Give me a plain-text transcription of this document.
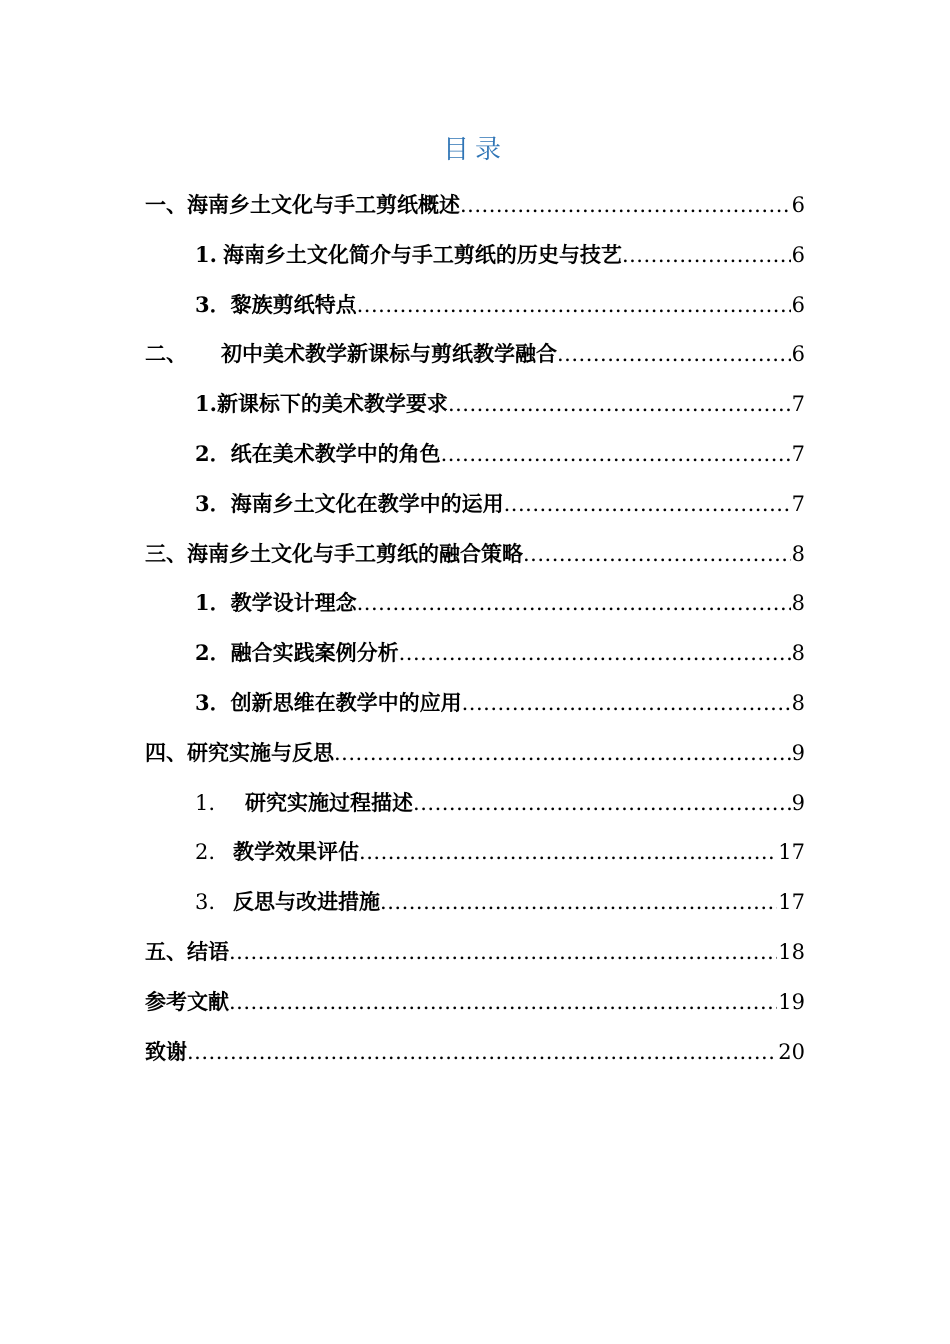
目录
一、海南乡土文化与手工剪纸概述 .....	6
1. 海南乡土文化简介与手工剪纸的历史与技艺 .....	6
3．黎族剪纸特点 .....	6
二、 初中美术教学新课标与剪纸教学融合 .....	6
1.新课标下的美术教学要求 .....	7
2．纸在美术教学中的角色 .....	7
3．海南乡土文化在教学中的运用 .....	7
三、海南乡土文化与手工剪纸的融合策略 .....	8
1．教学设计理念 .....	8
2．融合实践案例分析 .....	8
3．创新思维在教学中的应用 .....	8
四、研究实施与反思 .....	9
1. 研究实施过程描述 .....	9
2. 教学效果评估 .....	17
3. 反思与改进措施 .....	17
五、结语 .....	18
参考文献 .....	19
致谢 .....	20
